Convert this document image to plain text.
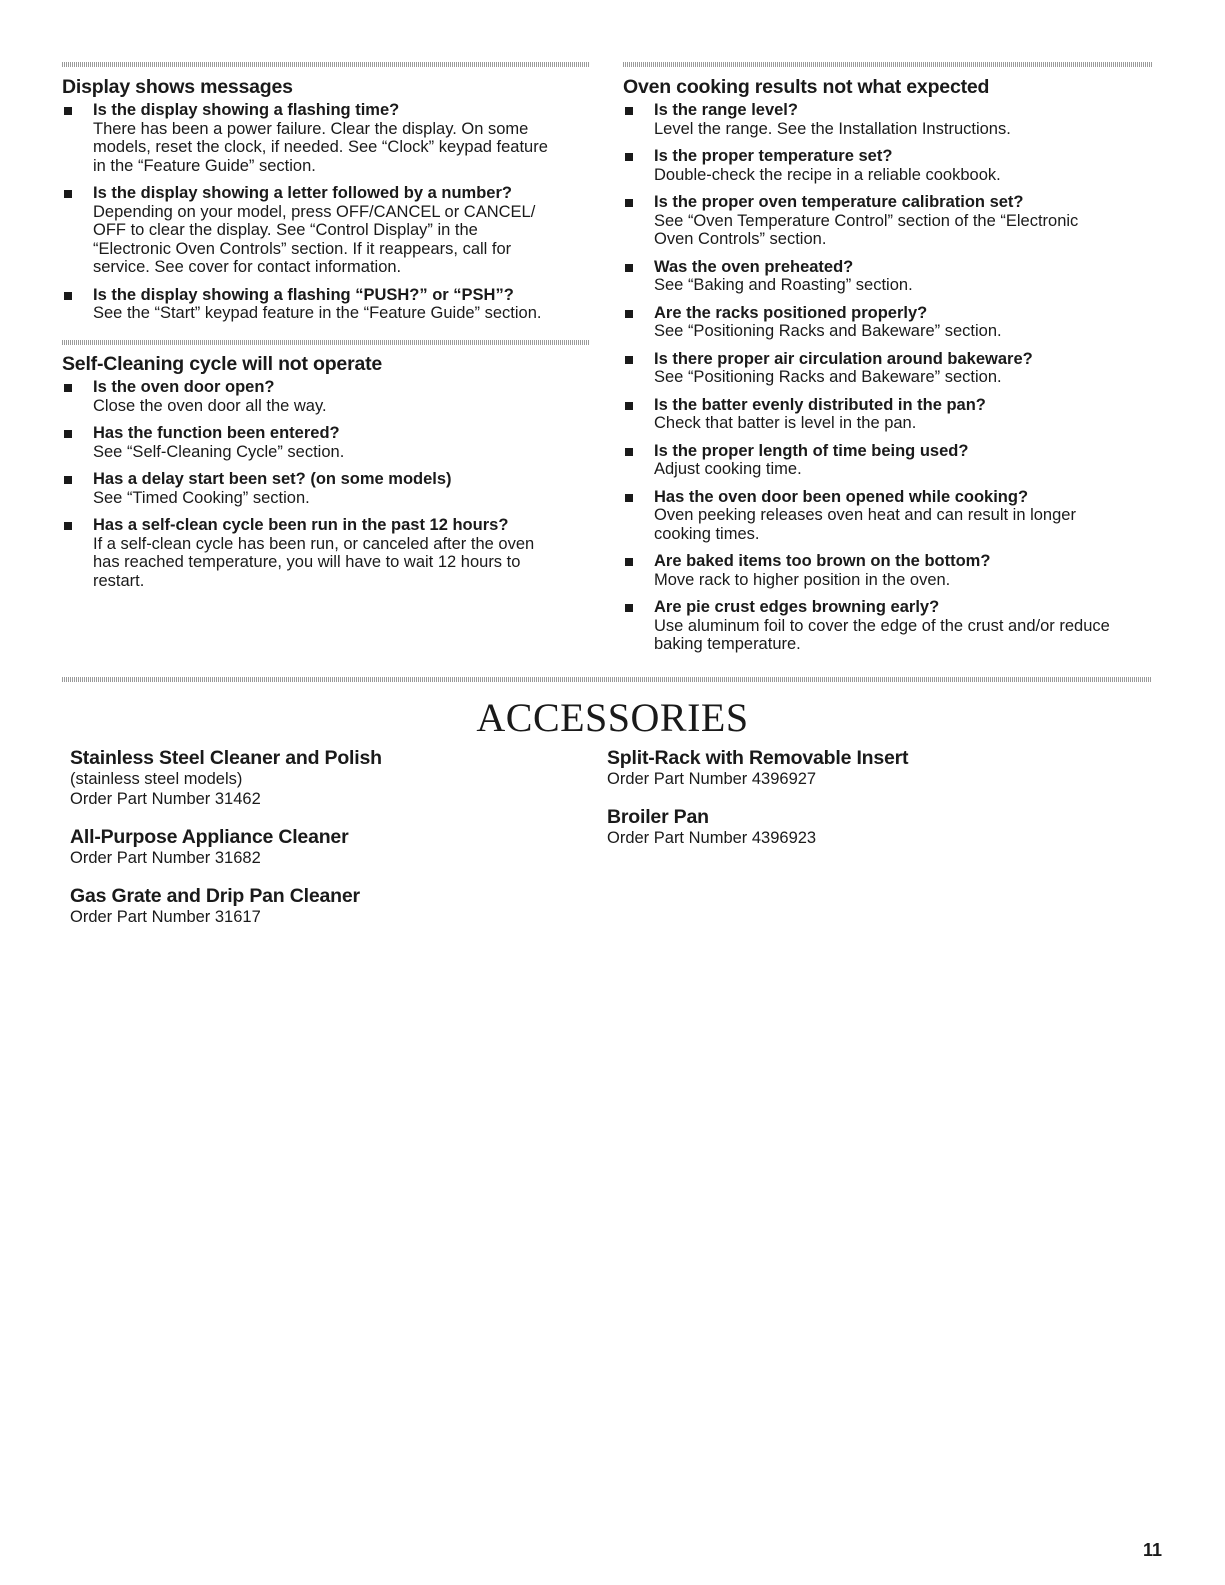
Display shows messages
Is the display showing a flashing time?
There has been a power failure. Clear the display. On some
models, reset the clock, if needed. See “Clock” keypad feature
in the “Feature Guide” section.
Is the display showing a letter followed by a number?
Depending on your model, press OFF/CANCEL or CANCEL/
OFF to clear the display. See “Control Display” in the
“Electronic Oven Controls” section. If it reappears, call for
service. See cover for contact information.
Is the display showing a flashing “PUSH?” or “PSH”?
See the “Start” keypad feature in the “Feature Guide” section.
Self-Cleaning cycle will not operate
Is the oven door open?
Close the oven door all the way.
Has the function been entered?
See “Self-Cleaning Cycle” section.
Has a delay start been set? (on some models)
See “Timed Cooking” section.
Has a self-clean cycle been run in the past 12 hours?
If a self-clean cycle has been run, or canceled after the oven
has reached temperature, you will have to wait 12 hours to
restart.
Oven cooking results not what expected
Is the range level?
Level the range. See the Installation Instructions.
Is the proper temperature set?
Double-check the recipe in a reliable cookbook.
Is the proper oven temperature calibration set?
See “Oven Temperature Control” section of the “Electronic
Oven Controls” section.
Was the oven preheated?
See “Baking and Roasting” section.
Are the racks positioned properly?
See “Positioning Racks and Bakeware” section.
Is there proper air circulation around bakeware?
See “Positioning Racks and Bakeware” section.
Is the batter evenly distributed in the pan?
Check that batter is level in the pan.
Is the proper length of time being used?
Adjust cooking time.
Has the oven door been opened while cooking?
Oven peeking releases oven heat and can result in longer
cooking times.
Are baked items too brown on the bottom?
Move rack to higher position in the oven.
Are pie crust edges browning early?
Use aluminum foil to cover the edge of the crust and/or reduce
baking temperature.
ACCESSORIES
Stainless Steel Cleaner and Polish
(stainless steel models)
Order Part Number 31462
All-Purpose Appliance Cleaner
Order Part Number 31682
Gas Grate and Drip Pan Cleaner
Order Part Number 31617
Split-Rack with Removable Insert
Order Part Number 4396927
Broiler Pan
Order Part Number 4396923
11
